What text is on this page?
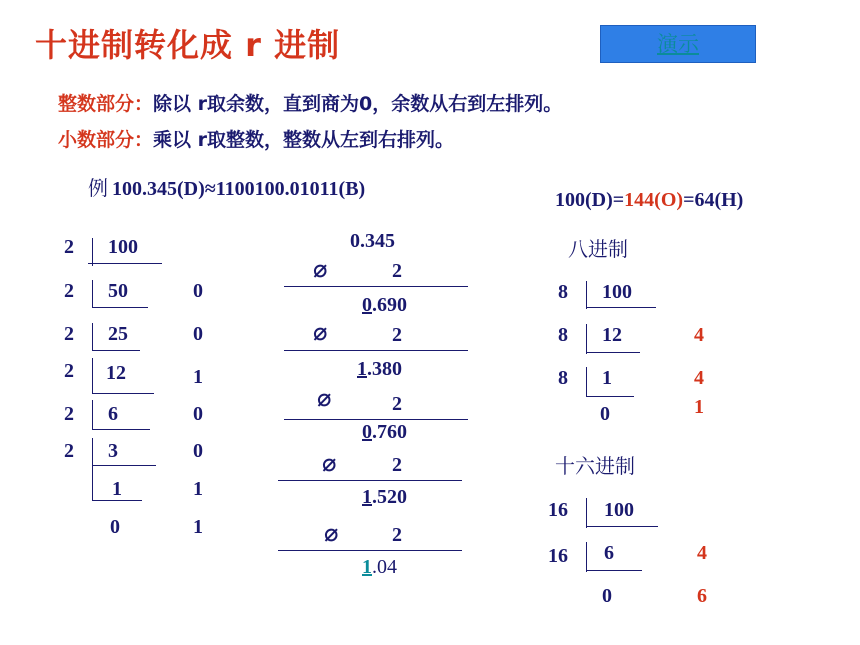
十进制转化成 r 进制	演示
整数部分：除以 r取余数，直到商为0，余数从右到左排列。
小数部分：乘以 r取整数，整数从左到右排列。
例 100.345(D)≈1100100.01011(B)	100(D)=144(O)=64(H)
2 100
2 50	0
2 25	0
2 12	1
2 6	0
2 3	0
1	1
0	1
0.345
⌀	2
0.690
⌀	2
1.380
⌀	2
0.760
⌀	2
1.520
⌀	2
1.04
八进制
8 100
8 12	4
8 1	4
0	1
十六进制
16 100
16 6	4
0	6
